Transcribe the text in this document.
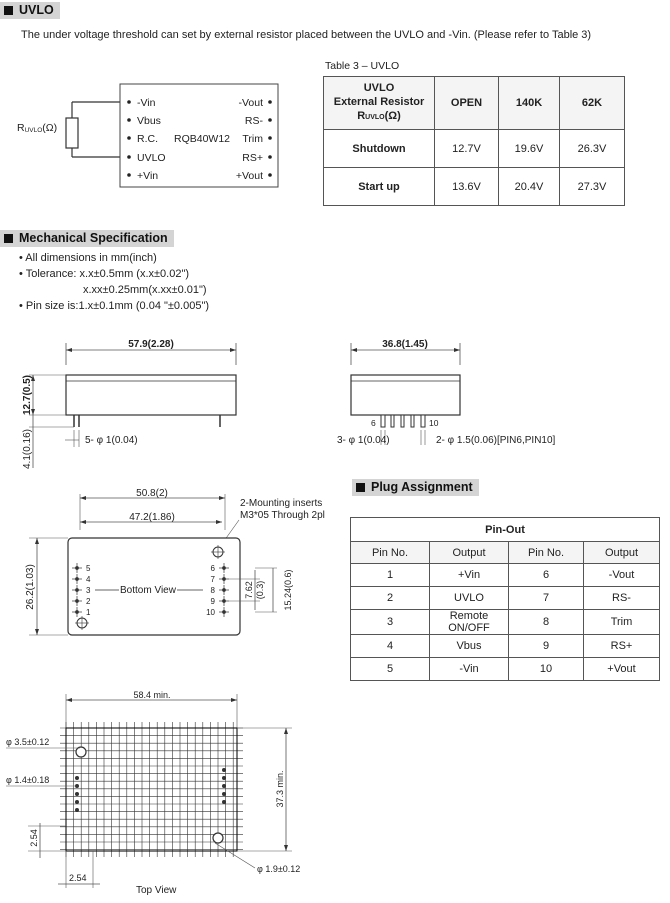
UVLO
The under voltage threshold can set by external resistor placed between the UVLO and -Vin. (Please refer to Table 3)
RUVLO(Ω)
-Vin
Vbus
R.C.
UVLO
+Vin
-Vout
RS-
Trim
RS+
+Vout
RQB40W12
Table 3 – UVLO
UVLO
External Resistor
RUVLO(Ω)	OPEN	140K	62K
Shutdown	12.7V	19.6V	26.3V
Start up	13.6V	20.4V	27.3V
Mechanical Specification
• All dimensions in mm(inch)
• Tolerance: x.x±0.5mm (x.x±0.02")
x.xx±0.25mm(x.xx±0.01")
• Pin size is:1.x±0.1mm (0.04 "±0.005")
57.9(2.28)
12.7(0.5)
4.1(0.16)	5- φ 1(0.04)
36.8(1.45)
6	10
3- φ 1(0.04)	2- φ 1.5(0.06)[PIN6,PIN10]
50.8(2)
47.2(1.86)
2-Mounting inserts
M3*05 Through 2pl
5
4
3
2
1
6
7
8
9
10
Bottom View
26.2(1.03)	7.62 (0.3) 15.24(0.6)
58.4 min.
φ 3.5±0.12
φ 1.4±0.18
φ 1.9±0.12
37.3 min.
2.54
2.54
Top View
Plug Assignment
Pin-Out			
Pin No.	Output	Pin No.	Output
1	+Vin	6	-Vout
2	UVLO	7	RS-
3	Remote ON/OFF	8	Trim
4	Vbus	9	RS+
5	-Vin	10	+Vout
